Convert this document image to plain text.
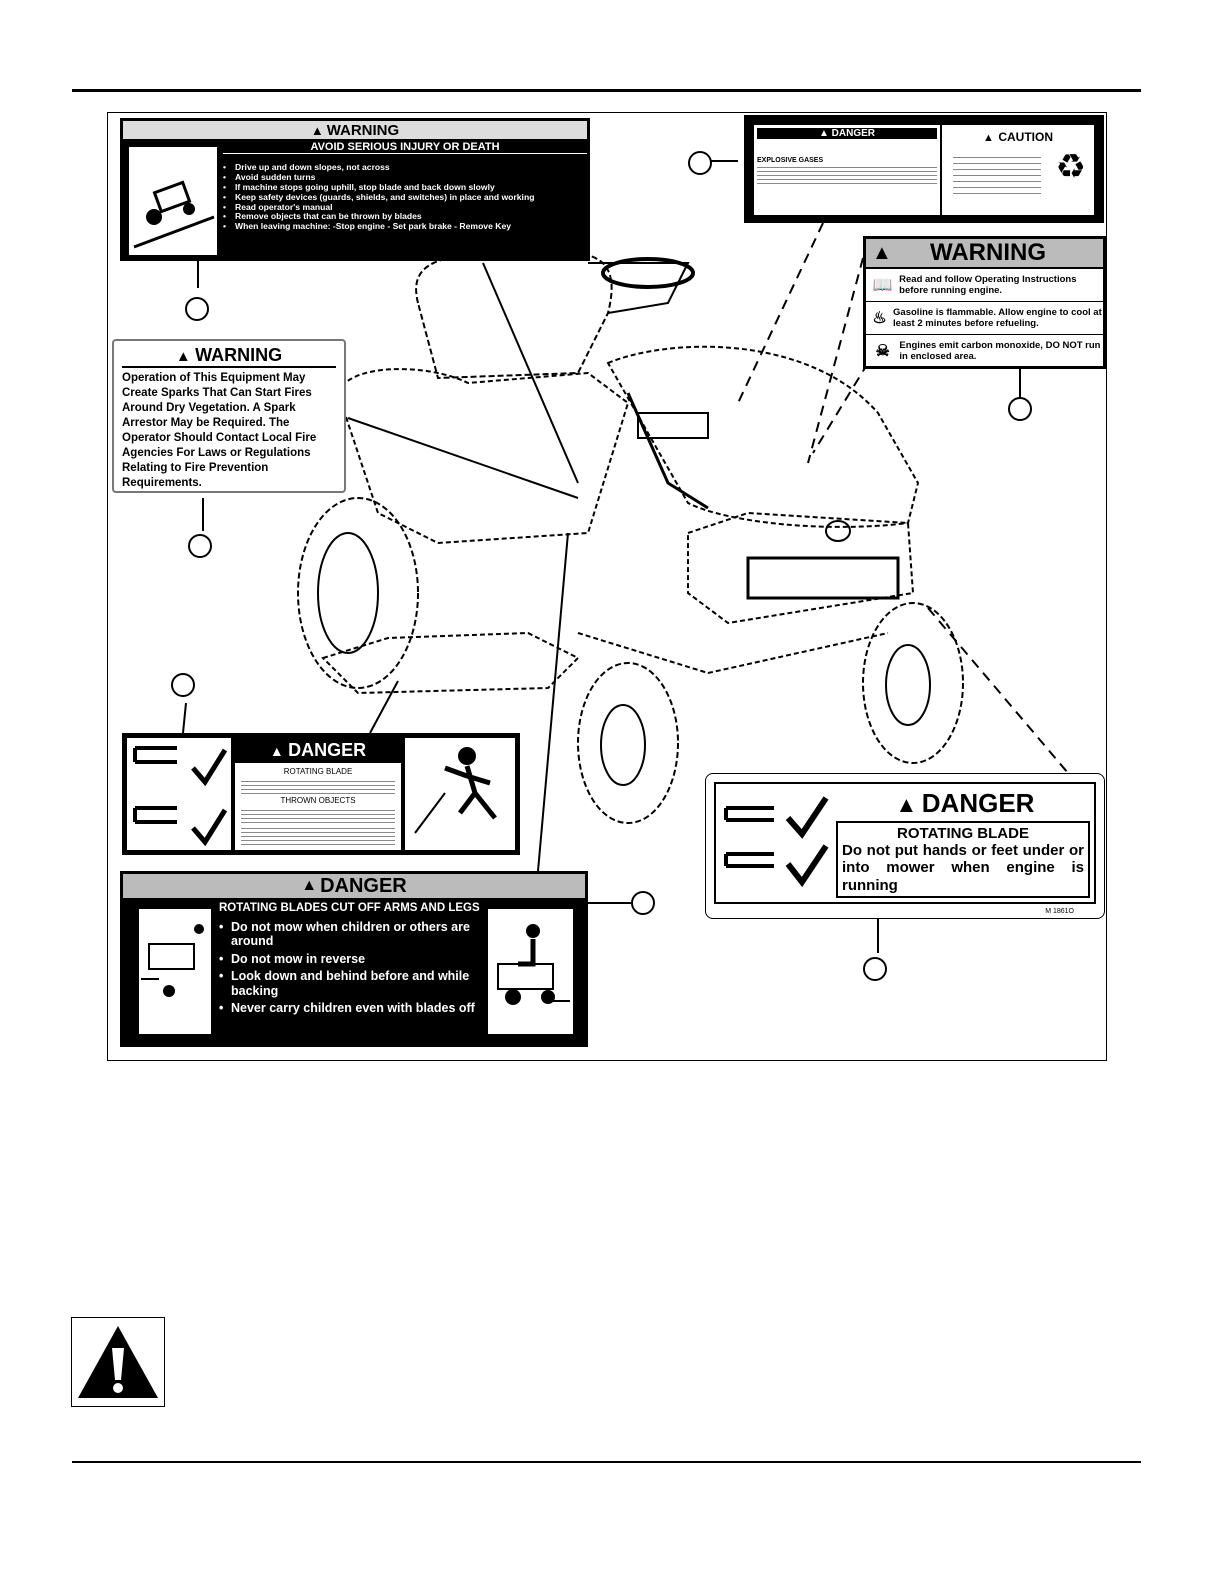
▲ WARNING
AVOID SERIOUS INJURY OR DEATH
• Drive up and down slopes, not across
• Avoid sudden turns
• If machine stops going uphill, stop blade and back down slowly
• Keep safety devices (guards, shields, and switches) in place and working
• Read operator's manual
• Remove objects that can be thrown by blades
• When leaving machine: -Stop engine - Set park brake - Remove Key
▲ WARNING
Operation of This Equipment May Create Sparks That Can Start Fires Around Dry Vegetation. A Spark Arrestor May be Required. The Operator Should Contact Local Fire Agencies For Laws or Regulations Relating to Fire Prevention Requirements.
▲ DANGER
EXPLOSIVE GASES
▲ CAUTION
♻
▲	WARNING
📖 Read and follow Operating Instructions before running engine.
♨ Gasoline is flammable. Allow engine to cool at least 2 minutes before refueling.
☠	Engines emit carbon monoxide, DO NOT run in enclosed area.
▲ DANGER
ROTATING BLADE
THROWN OBJECTS	▲ DANGER
ROTATING BLADE
Do not put hands or feet under or into mower when engine is running
M 1861O
▲ DANGER
ROTATING BLADES CUT OFF ARMS AND LEGS
• Do not mow when children or others are around
• Do not mow in reverse
• Look down and behind before and while backing
• Never carry children even with blades off
